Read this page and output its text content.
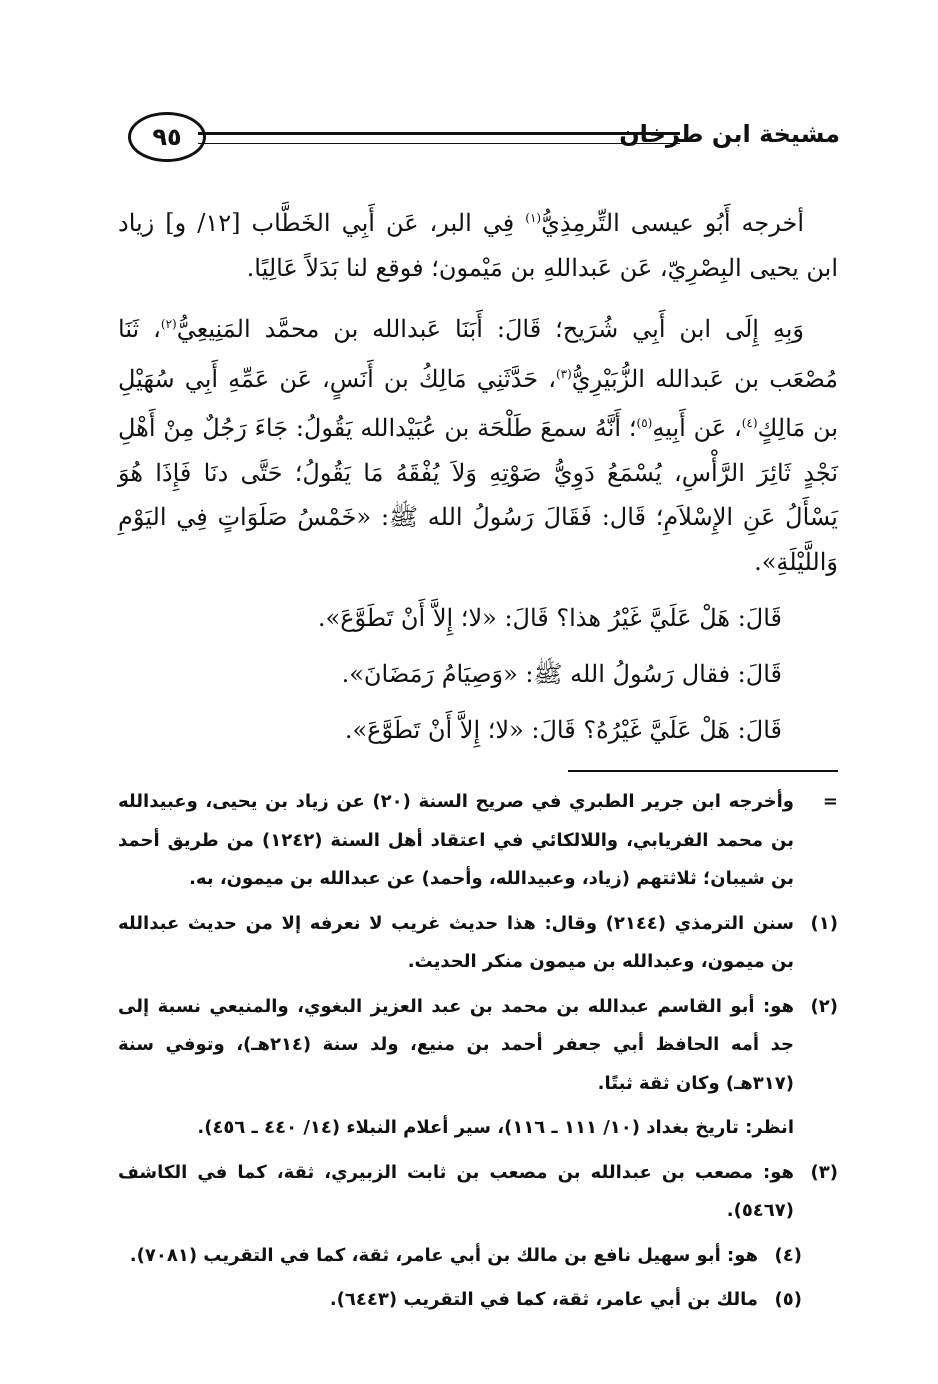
مشيخة ابن طرخان
٩٥

أخرجه أَبُو عيسى التِّرمِذِيُّ$^{(١)}$ فِي البر، عَن أَبِي الخَطَّاب [١٢/ و] زياد ابن يحيى البِصْرِيّ، عَن عَبداللهِ بن مَيْمون؛ فوقع لنا بَدَلاً عَالِيًا.

وَبِهِ إِلَى ابن أَبِي شُرَيح؛ قَالَ: أَبَنَا عَبدالله بن محمَّد المَنِيعِيُّ$^{(٢)}$، ثَنَا مُصْعَب بن عَبدالله الزُّبَيْرِيُّ$^{(٣)}$، حَدَّثَنِي مَالِكُ بن أَنَسٍ، عَن عَمِّهِ أَبِي سُهَيْلِ بن مَالِكٍ$^{(٤)}$، عَن أَبِيهِ$^{(٥)}$؛ أَنَّهُ سمعَ طَلْحَة بن عُبَيْدالله يَقُولُ: جَاءَ رَجُلٌ مِنْ أَهْلِ نَجْدٍ ثَائِرَ الرَّأْسِ، يُسْمَعُ دَوِيُّ صَوْتِهِ وَلاَ يُفْقَهُ مَا يَقُولُ؛ حَتَّى دنَا فَإِذَا هُوَ يَسْأَلُ عَنِ الإِسْلاَمِ؛ قَال: فَقَالَ رَسُولُ الله ﷺ: «خَمْسُ صَلَوَاتٍ فِي اليَوْمِ وَاللَّيْلَةِ».

قَالَ: هَلْ عَلَيَّ غَيْرُ هذا؟ قَالَ: «لا؛ إِلاَّ أَنْ تَطَوَّعَ».

قَالَ: فقال رَسُولُ الله ﷺ: «وَصِيَامُ رَمَضَانَ».

قَالَ: هَلْ عَلَيَّ غَيْرُهُ؟ قَالَ: «لا؛ إِلاَّ أَنْ تَطَوَّعَ».

=
وأخرجه ابن جرير الطبري في صريح السنة (٢٠) عن زياد بن يحيى، وعبيدالله بن محمد الفريابي، واللالكائي في اعتقاد أهل السنة (١٢٤٢) من طريق أحمد بن شيبان؛ ثلاثتهم (زياد، وعبيدالله، وأحمد) عن عبدالله بن ميمون، به.

(١)
سنن الترمذي (٢١٤٤) وقال: هذا حديث غريب لا نعرفه إلا من حديث عبدالله بن ميمون، وعبدالله بن ميمون منكر الحديث.

(٢)
هو: أبو القاسم عبدالله بن محمد بن عبد العزيز البغوي، والمنيعي نسبة إلى جد أمه الحافظ أبي جعفر أحمد بن منيع، ولد سنة (٢١٤هـ)، وتوفي سنة (٣١٧هـ) وكان ثقة ثبتًا.

انظر: تاريخ بغداد (١٠/ ١١١ ـ ١١٦)، سير أعلام النبلاء (١٤/ ٤٤٠ ـ ٤٥٦).

(٣)
هو: مصعب بن عبدالله بن مصعب بن ثابت الزبيري، ثقة، كما في الكاشف (٥٤٦٧).

(٤)
هو: أبو سهيل نافع بن مالك بن أبي عامر، ثقة، كما في التقريب (٧٠٨١).

(٥)
مالك بن أبي عامر، ثقة، كما في التقريب (٦٤٤٣).
